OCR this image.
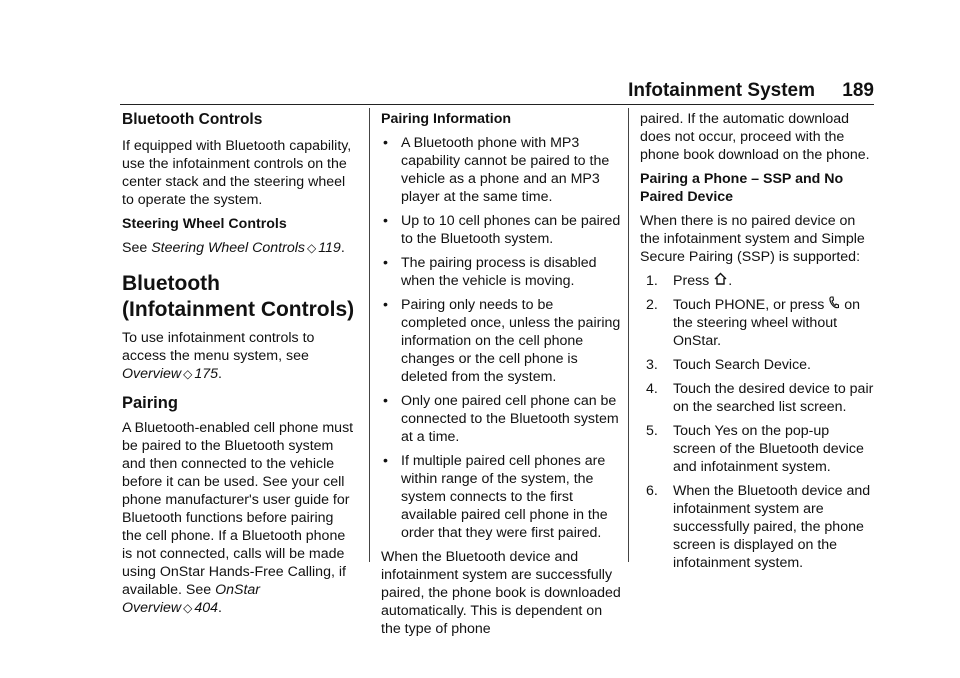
Infotainment System 189
Bluetooth Controls

If equipped with Bluetooth capability, use the infotainment controls on the center stack and the steering wheel to operate the system.

Steering Wheel Controls

See Steering Wheel Controls ◇ 119.

Bluetooth (Infotainment Controls)

To use infotainment controls to access the menu system, see Overview ◇ 175.

Pairing

A Bluetooth-enabled cell phone must be paired to the Bluetooth system and then connected to the vehicle before it can be used. See your cell phone manufacturer's user guide for Bluetooth functions before pairing the cell phone. If a Bluetooth phone is not connected, calls will be made using OnStar Hands-Free Calling, if available. See OnStar Overview ◇ 404.

Pairing Information
• A Bluetooth phone with MP3 capability cannot be paired to the vehicle as a phone and an MP3 player at the same time.
• Up to 10 cell phones can be paired to the Bluetooth system.
• The pairing process is disabled when the vehicle is moving.
• Pairing only needs to be completed once, unless the pairing information on the cell phone changes or the cell phone is deleted from the system.
• Only one paired cell phone can be connected to the Bluetooth system at a time.
• If multiple paired cell phones are within range of the system, the system connects to the first available paired cell phone in the order that they were first paired.

When the Bluetooth device and infotainment system are successfully paired, the phone book is downloaded automatically. This is dependent on the type of phone

paired. If the automatic download does not occur, proceed with the phone book download on the phone.

Pairing a Phone – SSP and No Paired Device

When there is no paired device on the infotainment system and Simple Secure Pairing (SSP) is supported:

1. Press .
2. Touch PHONE, or press  on the steering wheel without OnStar.
3. Touch Search Device.
4. Touch the desired device to pair on the searched list screen.
5. Touch Yes on the pop-up screen of the Bluetooth device and infotainment system.
6. When the Bluetooth device and infotainment system are successfully paired, the phone screen is displayed on the infotainment system.
